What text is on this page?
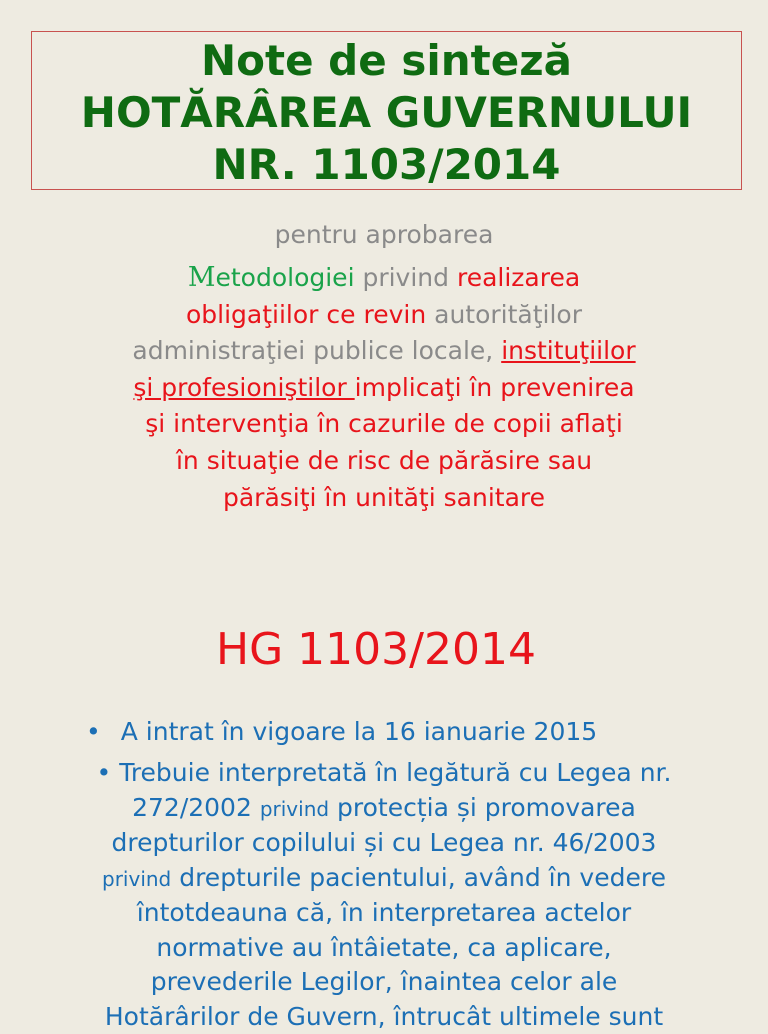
Note de sinteză
HOTĂRÂREA GUVERNULUI
NR. 1103/2014
pentru aprobarea
Metodologiei privind realizarea
obligaţiilor ce revin autorităţilor
administraţiei publice locale, instituţiilor
şi profesioniştilor implicaţi în prevenirea
şi intervenţia în cazurile de copii aflaţi
în situaţie de risc de părăsire sau
părăsiţi în unităţi sanitare
HG 1103/2014
• A intrat în vigoare la 16 ianuarie 2015
• Trebuie interpretată în legătură cu Legea nr.
272/2002 privind protecția și promovarea
drepturilor copilului și cu Legea nr. 46/2003
privind drepturile pacientului, având în vedere
întotdeauna că, în interpretarea actelor
normative au întâietate, ca aplicare,
prevederile Legilor, înaintea celor ale
Hotărârilor de Guvern, întrucât ultimele sunt
